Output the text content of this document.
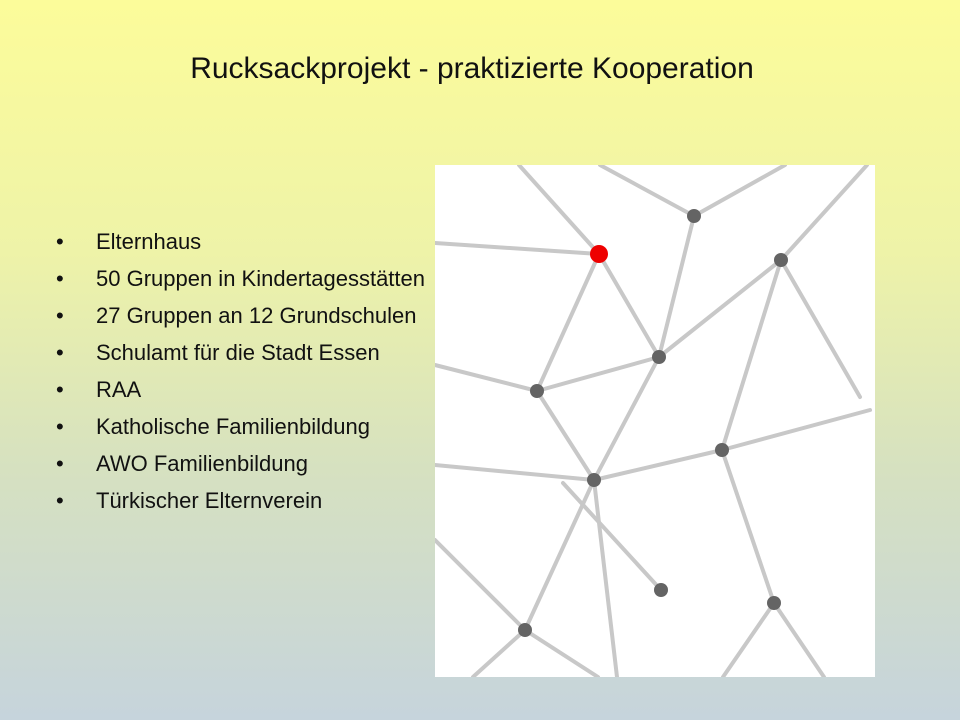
Rucksackprojekt - praktizierte Kooperation
• Elternhaus
• 50 Gruppen in Kindertagesstätten
• 27 Gruppen an 12 Grundschulen
• Schulamt für die Stadt Essen
• RAA
• Katholische Familienbildung
• AWO Familienbildung
• Türkischer Elternverein
